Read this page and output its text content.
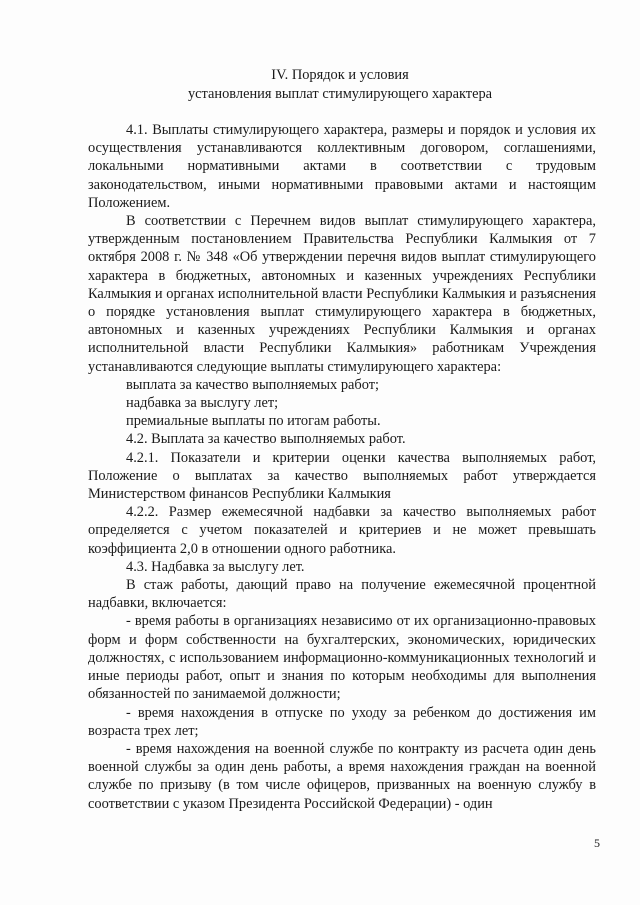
IV. Порядок и условия
установления выплат стимулирующего характера

4.1. Выплаты стимулирующего характера, размеры и порядок и условия их осуществления устанавливаются коллективным договором, соглашениями, локальными нормативными актами в соответствии с трудовым законодательством, иными нормативными правовыми актами и настоящим Положением.

В соответствии с Перечнем видов выплат стимулирующего характера, утвержденным постановлением Правительства Республики Калмыкия от 7 октября 2008 г. № 348 «Об утверждении перечня видов выплат стимулирующего характера в бюджетных, автономных и казенных учреждениях Республики Калмыкия и органах исполнительной власти Республики Калмыкия и разъяснения о порядке установления выплат стимулирующего характера в бюджетных, автономных и казенных учреждениях Республики Калмыкия и органах исполнительной власти Республики Калмыкия» работникам Учреждения устанавливаются следующие выплаты стимулирующего характера:

выплата за качество выполняемых работ;

надбавка за выслугу лет;

премиальные выплаты по итогам работы.

4.2. Выплата за качество выполняемых работ.

4.2.1. Показатели и критерии оценки качества выполняемых работ, Положение о выплатах за качество выполняемых работ утверждается Министерством финансов Республики Калмыкия

4.2.2. Размер ежемесячной надбавки за качество выполняемых работ определяется с учетом показателей и критериев и не может превышать коэффициента 2,0 в отношении одного работника.

4.3. Надбавка за выслугу лет.

В стаж работы, дающий право на получение ежемесячной процентной надбавки, включается:

- время работы в организациях независимо от их организационно-правовых форм и форм собственности на бухгалтерских, экономических, юридических должностях, с использованием информационно-коммуникационных технологий и иные периоды работ, опыт и знания по которым необходимы для выполнения обязанностей по занимаемой должности;

- время нахождения в отпуске по уходу за ребенком до достижения им возраста трех лет;

- время нахождения на военной службе по контракту из расчета один день военной службы за один день работы, а время нахождения граждан на военной службе по призыву (в том числе офицеров, призванных на военную службу в соответствии с указом Президента Российской Федерации) - один

5
